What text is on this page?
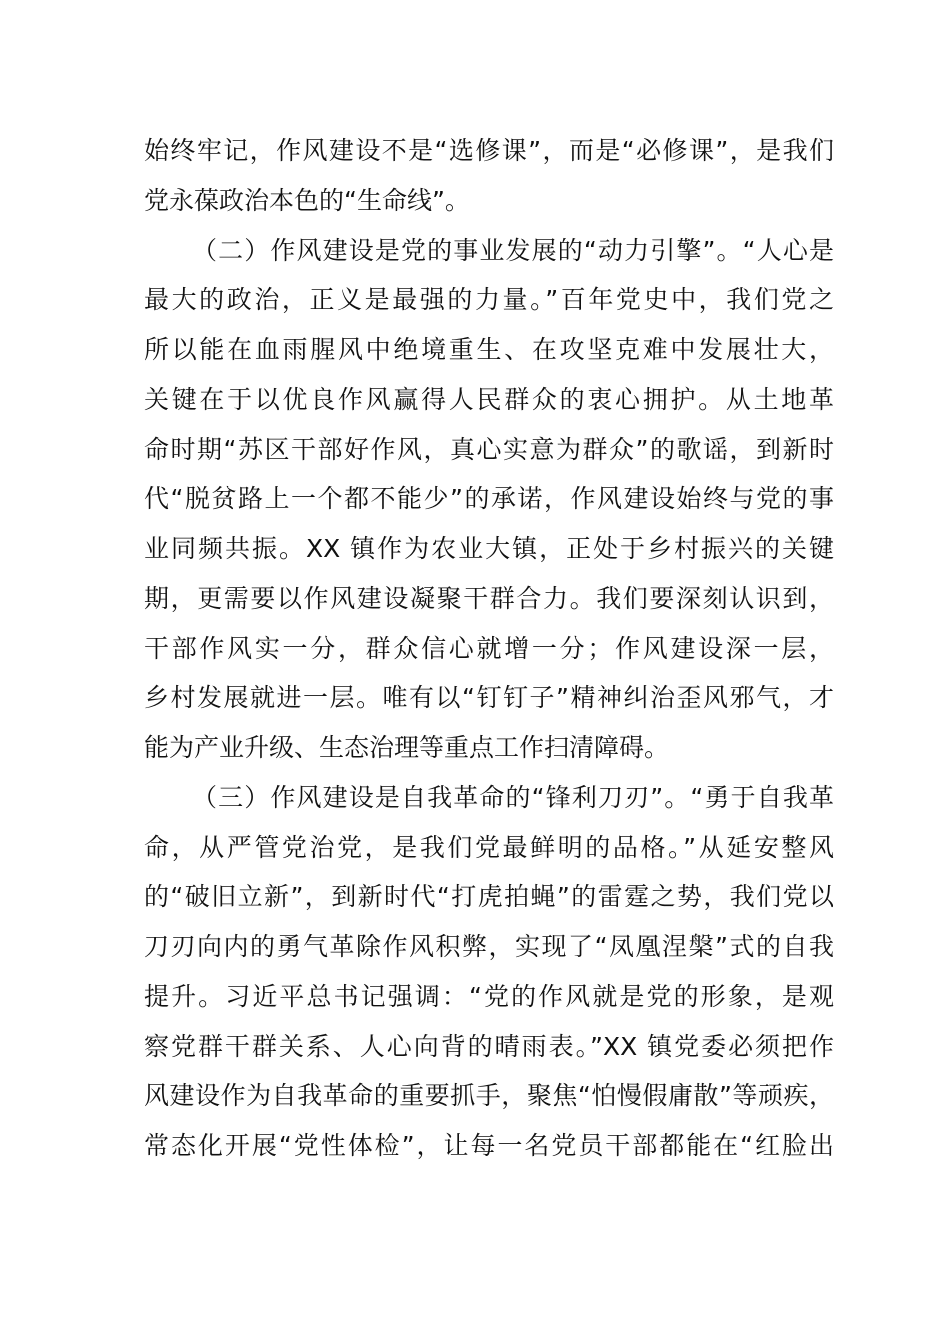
始终牢记，作风建设不是“选修课”，而是“必修课”，是我们
党永葆政治本色的“生命线”。
（二）作风建设是党的事业发展的“动力引擎”。“人心是
最大的政治，正义是最强的力量。”百年党史中，我们党之
所以能在血雨腥风中绝境重生、在攻坚克难中发展壮大，
关键在于以优良作风赢得人民群众的衷心拥护。从土地革
命时期“苏区干部好作风，真心实意为群众”的歌谣，到新时
代“脱贫路上一个都不能少”的承诺，作风建设始终与党的事
业同频共振。XX 镇作为农业大镇，正处于乡村振兴的关键
期，更需要以作风建设凝聚干群合力。我们要深刻认识到，
干部作风实一分，群众信心就增一分；作风建设深一层，
乡村发展就进一层。唯有以“钉钉子”精神纠治歪风邪气，才
能为产业升级、生态治理等重点工作扫清障碍。
（三）作风建设是自我革命的“锋利刀刃”。“勇于自我革
命，从严管党治党，是我们党最鲜明的品格。”从延安整风
的“破旧立新”，到新时代“打虎拍蝇”的雷霆之势，我们党以
刀刃向内的勇气革除作风积弊，实现了“凤凰涅槃”式的自我
提升。习近平总书记强调：“党的作风就是党的形象，是观
察党群干群关系、人心向背的晴雨表。”XX 镇党委必须把作
风建设作为自我革命的重要抓手，聚焦“怕慢假庸散”等顽疾，
常态化开展“党性体检”，让每一名党员干部都能在“红脸出
